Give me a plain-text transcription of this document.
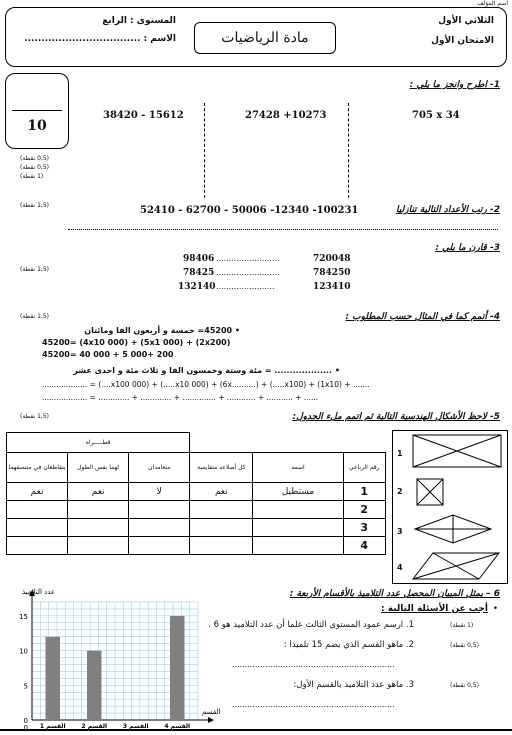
اسم المؤلف
الثلاثي الأول
الامتحان الأول
مادة الرياضيات
المستوى : الرابع
الاسم : ..................................
10
1- اطرح وانجز ما يلي :
705 x 34
27428 +10273
38420 - 15612
(0,5 نقطة)
(0,5 نقطة)
(1 نقطة)
(1,5 نقطة)	52410 - 62700 - 50006 -12340 -100231	2- رتب الأعداد التالية تنازليا
3- قارن ما يلي :
(1,5 نقطة)
98406 .........................	720048
78425 .........................	784250
132140 .......................	123410
(1,5 نقطة)	4- أتمم كما في المثال حسب المطلوب :
• 45200= خمسة و أربعون الفا ومائتان
45200= (4x10 000) + (5x1 000) + (2x200)
45200= 40 000 + 5 000+ 200
• ................... = مئة وستة وخمسون الفا و ثلاث مئة و احدى عشر
................... = (....x100 000) + (.....x10 000) + (6x..........) + (.....x100) + (1x10) + .......
................... = ............. + ............. + .............. + ............ + ........... + ......
(1,5 نقطة)	5- لاحظ الأشكال الهندسية التالية ثم اتمم ملء الجدول:
قطـــــراه					
يتقاطعان في منتصفهما	لهما نفس الطول	متعامدان	كل أضلاعه متقايسة	اسمه	رقم الرباعي
نعم	نعم	لا	نعم	مستطيل	1
					2
					3
					4
1
2
3
4
6 – يمثل المبيان المحصل عدد التلاميذ بالأقسام الأربعة :
أجب عن الأسئلة التالية : •
1. ارسم عمود المستوى الثالث علما أن عدد التلاميذ هو 6 .	(1 نقطة)
2. ماهو القسم الذي يضم 15 تلميذا :	(0,5 نقطة)
................................................................
3. ماهو عدد التلاميذ بالقسم الأول:	(0,5 نقطة)
................................................................
0
5
10
15
القسم 1	القسم 2	القسم 3	القسم 4
عدد التلاميذ
القسم
0
